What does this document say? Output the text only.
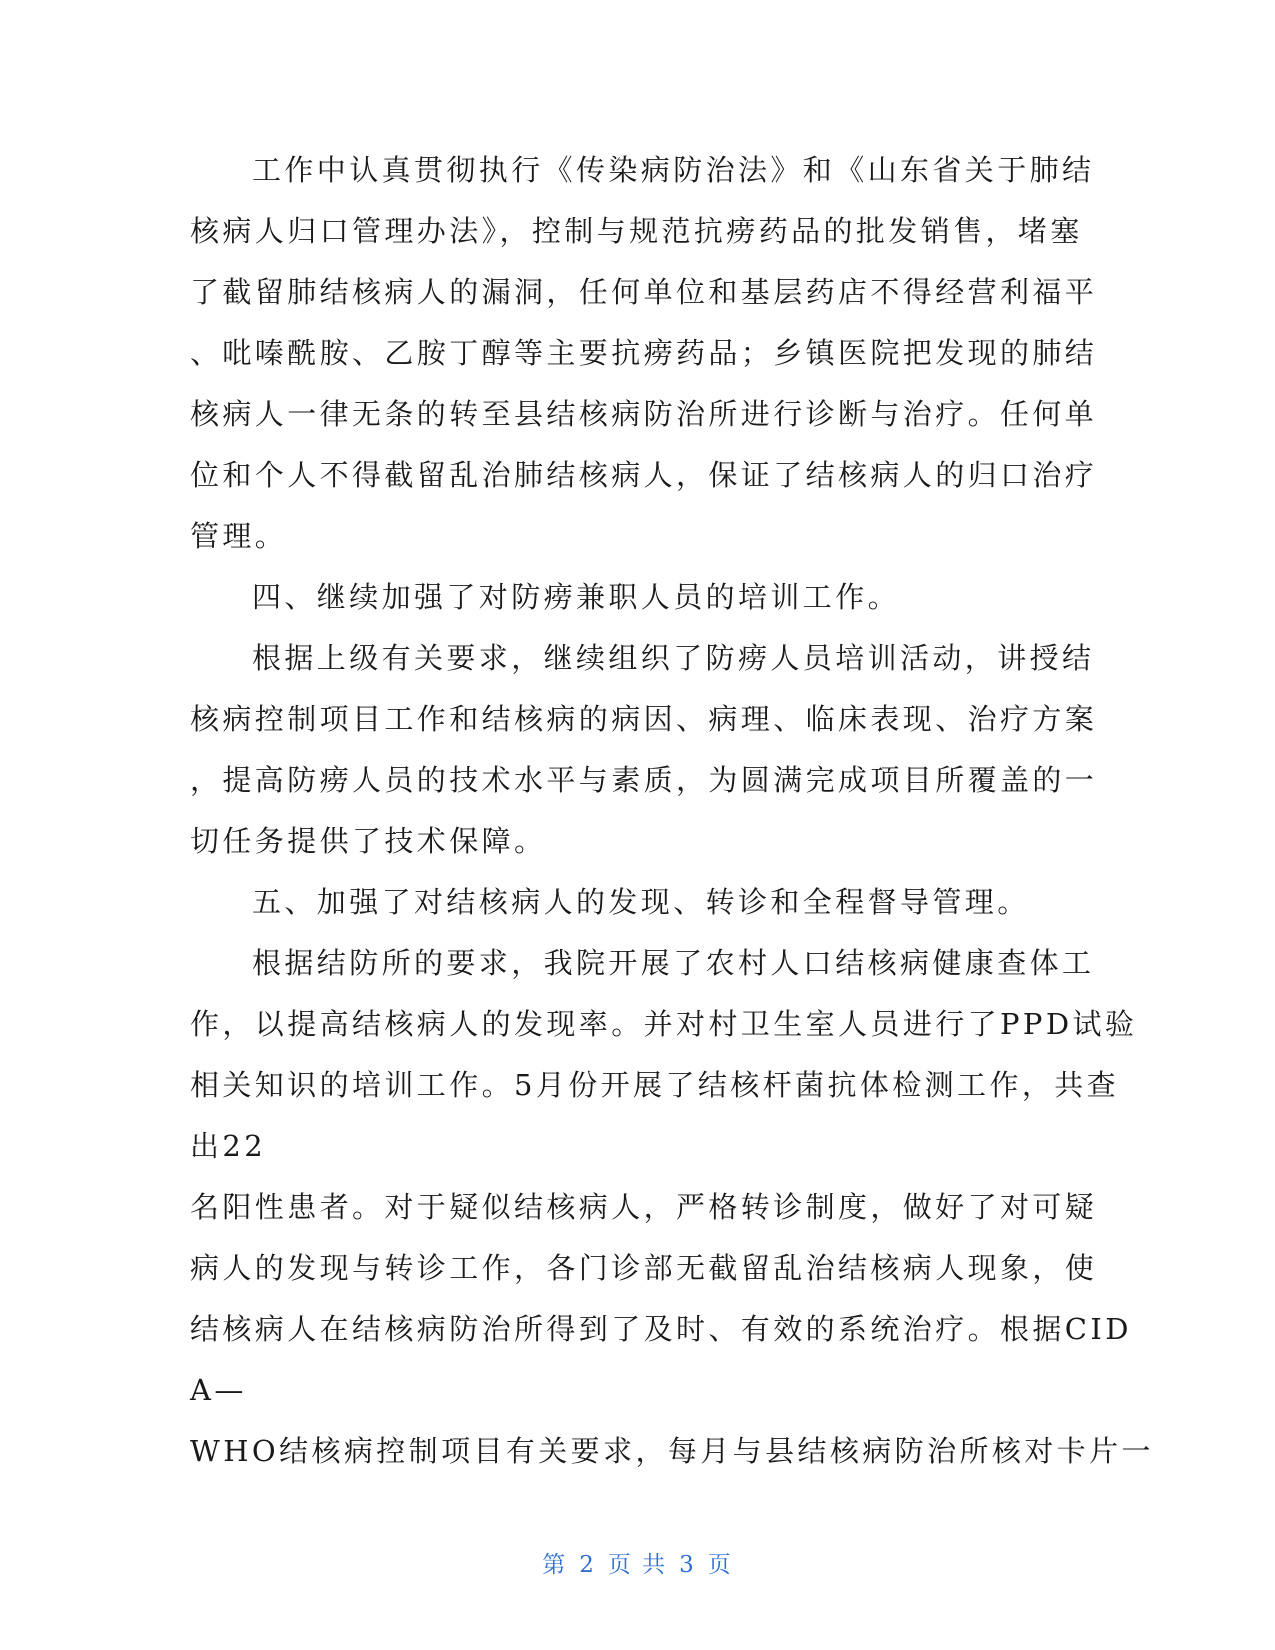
工作中认真贯彻执行《传染病防治法》和《山东省关于肺结
核病人归口管理办法》，控制与规范抗痨药品的批发销售，堵塞
了截留肺结核病人的漏洞，任何单位和基层药店不得经营利福平
、吡嗪酰胺、乙胺丁醇等主要抗痨药品；乡镇医院把发现的肺结
核病人一律无条的转至县结核病防治所进行诊断与治疗。任何单
位和个人不得截留乱治肺结核病人，保证了结核病人的归口治疗
管理。
四、继续加强了对防痨兼职人员的培训工作。
根据上级有关要求，继续组织了防痨人员培训活动，讲授结
核病控制项目工作和结核病的病因、病理、临床表现、治疗方案
，提高防痨人员的技术水平与素质，为圆满完成项目所覆盖的一
切任务提供了技术保障。
五、加强了对结核病人的发现、转诊和全程督导管理。
根据结防所的要求，我院开展了农村人口结核病健康查体工
作，以提高结核病人的发现率。并对村卫生室人员进行了PPD试验
相关知识的培训工作。5月份开展了结核杆菌抗体检测工作，共查
出22
名阳性患者。对于疑似结核病人，严格转诊制度，做好了对可疑
病人的发现与转诊工作，各门诊部无截留乱治结核病人现象，使
结核病人在结核病防治所得到了及时、有效的系统治疗。根据CID
A—
WHO结核病控制项目有关要求，每月与县结核病防治所核对卡片一
第 2 页 共 3 页
